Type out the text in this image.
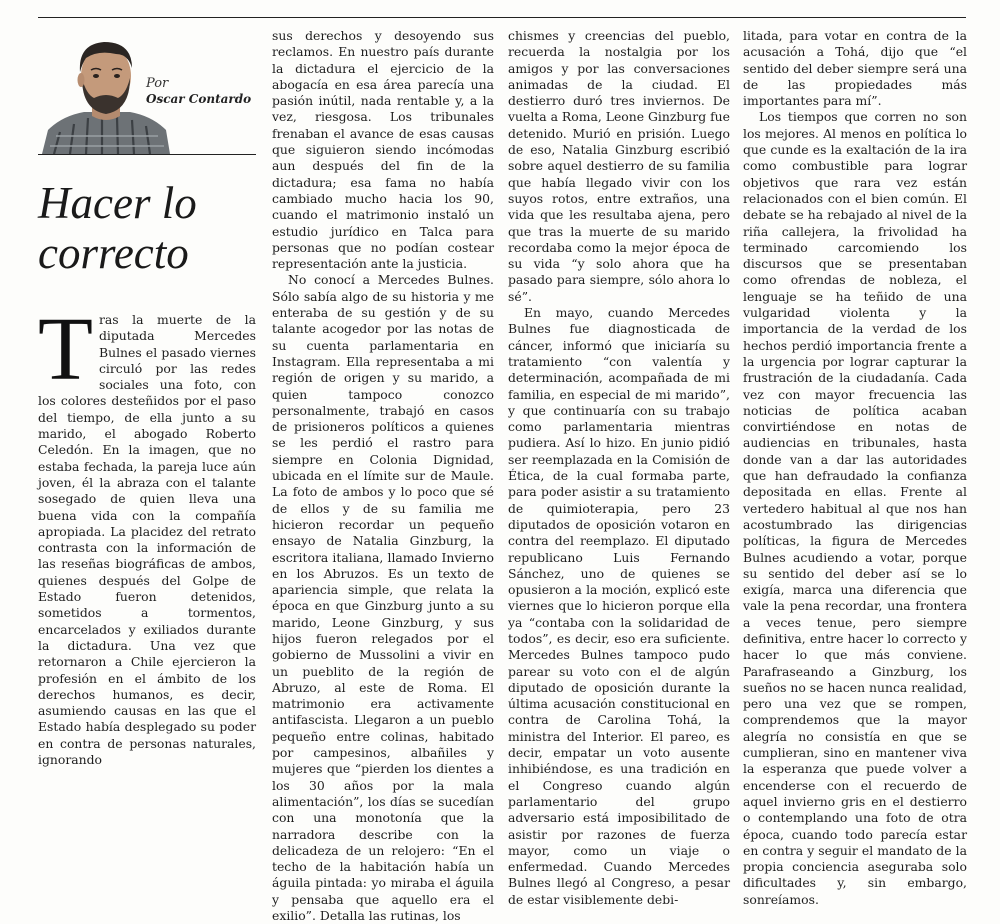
Por
Oscar Contardo
Hacer lo
correcto

Tras la muerte de la diputada Mercedes Bulnes el pasado viernes circuló por las redes sociales una foto, con los colores desteñidos por el paso del tiempo, de ella junto a su marido, el abogado Roberto Celedón. En la imagen, que no estaba fechada, la pareja luce aún joven, él la abraza con el talante sosegado de quien lleva una buena vida con la compañía apropiada. La placidez del retrato contrasta con la información de las reseñas biográficas de ambos, quienes después del Golpe de Estado fueron detenidos, sometidos a tormentos, encarcelados y exiliados durante la dictadura. Una vez que retornaron a Chile ejercieron la profesión en el ámbito de los derechos humanos, es decir, asumiendo causas en las que el Estado había desplegado su poder en contra de personas naturales, ignorando

sus derechos y desoyendo sus reclamos. En nuestro país durante la dictadura el ejercicio de la abogacía en esa área parecía una pasión inútil, nada rentable y, a la vez, riesgosa. Los tribunales frenaban el avance de esas causas que siguieron siendo incómodas aun después del fin de la dictadura; esa fama no había cambiado mucho hacia los 90, cuando el matrimonio instaló un estudio jurídico en Talca para personas que no podían costear representación ante la justicia.

No conocí a Mercedes Bulnes. Sólo sabía algo de su historia y me enteraba de su gestión y de su talante acogedor por las notas de su cuenta parlamentaria en Instagram. Ella representaba a mi región de origen y su marido, a quien tampoco conozco personalmente, trabajó en casos de prisioneros políticos a quienes se les perdió el rastro para siempre en Colonia Dignidad, ubicada en el límite sur de Maule. La foto de ambos y lo poco que sé de ellos y de su familia me hicieron recordar un pequeño ensayo de Natalia Ginzburg, la escritora italiana, llamado Invierno en los Abruzos. Es un texto de apariencia simple, que relata la época en que Ginzburg junto a su marido, Leone Ginzburg, y sus hijos fueron relegados por el gobierno de Mussolini a vivir en un pueblito de la región de Abruzo, al este de Roma. El matrimonio era activamente antifascista. Llegaron a un pueblo pequeño entre colinas, habitado por campesinos, albañiles y mujeres que “pierden los dientes a los 30 años por la mala alimentación”, los días se sucedían con una monotonía que la narradora describe con la delicadeza de un relojero: “En el techo de la habitación había un águila pintada: yo miraba el águila y pensaba que aquello era el exilio”. Detalla las rutinas, los

chismes y creencias del pueblo, recuerda la nostalgia por los amigos y por las conversaciones animadas de la ciudad. El destierro duró tres inviernos. De vuelta a Roma, Leone Ginzburg fue detenido. Murió en prisión. Luego de eso, Natalia Ginzburg escribió sobre aquel destierro de su familia que había llegado vivir con los suyos rotos, entre extraños, una vida que les resultaba ajena, pero que tras la muerte de su marido recordaba como la mejor época de su vida “y solo ahora que ha pasado para siempre, sólo ahora lo sé”.

En mayo, cuando Mercedes Bulnes fue diagnosticada de cáncer, informó que iniciaría su tratamiento “con valentía y determinación, acompañada de mi familia, en especial de mi marido”, y que continuaría con su trabajo como parlamentaria mientras pudiera. Así lo hizo. En junio pidió ser reemplazada en la Comisión de Ética, de la cual formaba parte, para poder asistir a su tratamiento de quimioterapia, pero 23 diputados de oposición votaron en contra del reemplazo. El diputado republicano Luis Fernando Sánchez, uno de quienes se opusieron a la moción, explicó este viernes que lo hicieron porque ella ya “contaba con la solidaridad de todos”, es decir, eso era suficiente. Mercedes Bulnes tampoco pudo parear su voto con el de algún diputado de oposición durante la última acusación constitucional en contra de Carolina Tohá, la ministra del Interior. El pareo, es decir, empatar un voto ausente inhibiéndose, es una tradición en el Congreso cuando algún parlamentario del grupo adversario está imposibilitado de asistir por razones de fuerza mayor, como un viaje o enfermedad. Cuando Mercedes Bulnes llegó al Congreso, a pesar de estar visiblemente debi-

litada, para votar en contra de la acusación a Tohá, dijo que “el sentido del deber siempre será una de las propiedades más importantes para mí”.

Los tiempos que corren no son los mejores. Al menos en política lo que cunde es la exaltación de la ira como combustible para lograr objetivos que rara vez están relacionados con el bien común. El debate se ha rebajado al nivel de la riña callejera, la frivolidad ha terminado carcomiendo los discursos que se presentaban como ofrendas de nobleza, el lenguaje se ha teñido de una vulgaridad violenta y la importancia de la verdad de los hechos perdió importancia frente a la urgencia por lograr capturar la frustración de la ciudadanía. Cada vez con mayor frecuencia las noticias de política acaban convirtiéndose en notas de audiencias en tribunales, hasta donde van a dar las autoridades que han defraudado la confianza depositada en ellas. Frente al vertedero habitual al que nos han acostumbrado las dirigencias políticas, la figura de Mercedes Bulnes acudiendo a votar, porque su sentido del deber así se lo exigía, marca una diferencia que vale la pena recordar, una frontera a veces tenue, pero siempre definitiva, entre hacer lo correcto y hacer lo que más conviene. Parafraseando a Ginzburg, los sueños no se hacen nunca realidad, pero una vez que se rompen, comprendemos que la mayor alegría no consistía en que se cumplieran, sino en mantener viva la esperanza que puede volver a encenderse con el recuerdo de aquel invierno gris en el destierro o contemplando una foto de otra época, cuando todo parecía estar en contra y seguir el mandato de la propia conciencia aseguraba solo dificultades y, sin embargo, sonreíamos.
